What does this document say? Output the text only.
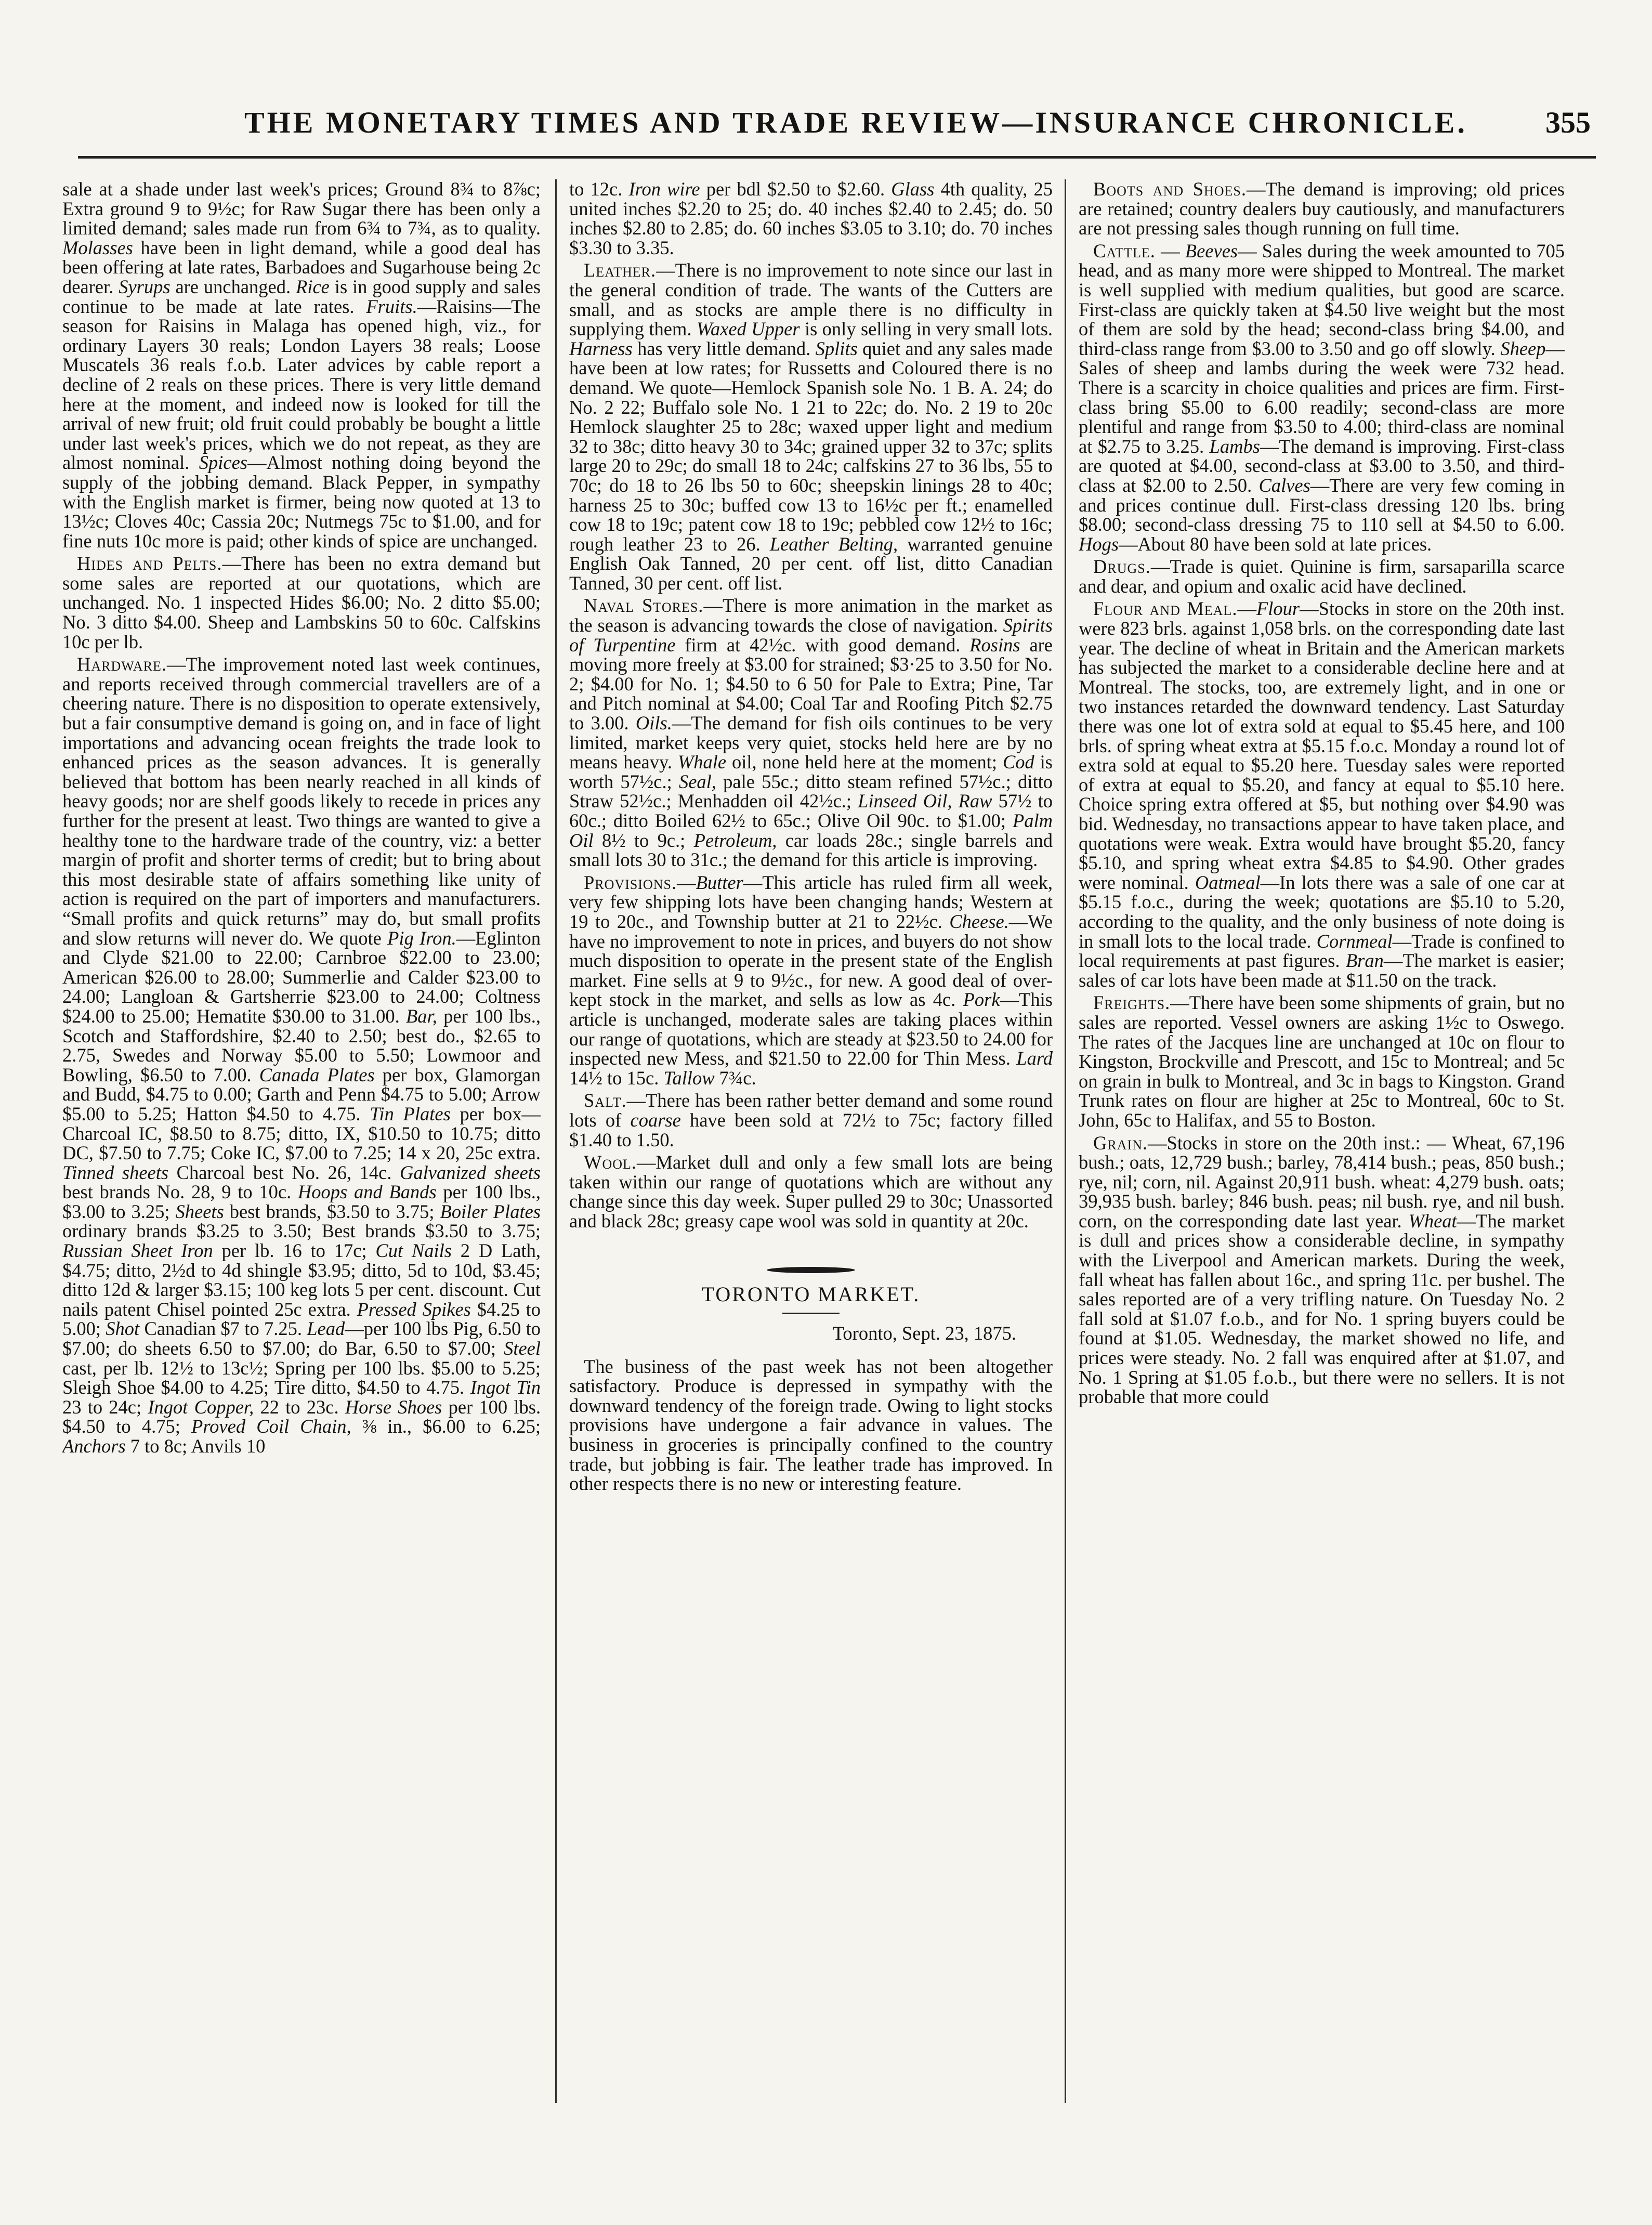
THE MONETARY TIMES AND TRADE REVIEW—INSURANCE CHRONICLE.	355

sale at a shade under last week's prices; Ground 8¾ to 8⅞c; Extra ground 9 to 9½c; for Raw Sugar there has been only a limited demand; sales made run from 6¾ to 7¾, as to quality. Molasses have been in light demand, while a good deal has been offering at late rates, Barbadoes and Sugarhouse being 2c dearer. Syrups are unchanged. Rice is in good supply and sales continue to be made at late rates. Fruits.—Raisins—The season for Raisins in Malaga has opened high, viz., for ordinary Layers 30 reals; London Layers 38 reals; Loose Muscatels 36 reals f.o.b. Later advices by cable report a decline of 2 reals on these prices. There is very little demand here at the moment, and indeed now is looked for till the arrival of new fruit; old fruit could probably be bought a little under last week's prices, which we do not repeat, as they are almost nominal. Spices—Almost nothing doing beyond the supply of the jobbing demand. Black Pepper, in sympathy with the English market is firmer, being now quoted at 13 to 13½c; Cloves 40c; Cassia 20c; Nutmegs 75c to $1.00, and for fine nuts 10c more is paid; other kinds of spice are unchanged.

Hides and Pelts.—There has been no extra demand but some sales are reported at our quotations, which are unchanged. No. 1 inspected Hides $6.00; No. 2 ditto $5.00; No. 3 ditto $4.00. Sheep and Lambskins 50 to 60c. Calfskins 10c per lb.

Hardware.—The improvement noted last week continues, and reports received through commercial travellers are of a cheering nature. There is no disposition to operate extensively, but a fair consumptive demand is going on, and in face of light importations and advancing ocean freights the trade look to enhanced prices as the season advances. It is generally believed that bottom has been nearly reached in all kinds of heavy goods; nor are shelf goods likely to recede in prices any further for the present at least. Two things are wanted to give a healthy tone to the hardware trade of the country, viz: a better margin of profit and shorter terms of credit; but to bring about this most desirable state of affairs something like unity of action is required on the part of importers and manufacturers. “Small profits and quick returns” may do, but small profits and slow returns will never do. We quote Pig Iron.—Eglinton and Clyde $21.00 to 22.00; Carnbroe $22.00 to 23.00; American $26.00 to 28.00; Summerlie and Calder $23.00 to 24.00; Langloan & Gartsherrie $23.00 to 24.00; Coltness $24.00 to 25.00; Hematite $30.00 to 31.00. Bar, per 100 lbs., Scotch and Staffordshire, $2.40 to 2.50; best do., $2.65 to 2.75, Swedes and Norway $5.00 to 5.50; Lowmoor and Bowling, $6.50 to 7.00. Canada Plates per box, Glamorgan and Budd, $4.75 to 0.00; Garth and Penn $4.75 to 5.00; Arrow $5.00 to 5.25; Hatton $4.50 to 4.75. Tin Plates per box—Charcoal IC, $8.50 to 8.75; ditto, IX, $10.50 to 10.75; ditto DC, $7.50 to 7.75; Coke IC, $7.00 to 7.25; 14 x 20, 25c extra. Tinned sheets Charcoal best No. 26, 14c. Galvanized sheets best brands No. 28, 9 to 10c. Hoops and Bands per 100 lbs., $3.00 to 3.25; Sheets best brands, $3.50 to 3.75; Boiler Plates ordinary brands $3.25 to 3.50; Best brands $3.50 to 3.75; Russian Sheet Iron per lb. 16 to 17c; Cut Nails 2 D Lath, $4.75; ditto, 2½d to 4d shingle $3.95; ditto, 5d to 10d, $3.45; ditto 12d & larger $3.15; 100 keg lots 5 per cent. discount. Cut nails patent Chisel pointed 25c extra. Pressed Spikes $4.25 to 5.00; Shot Canadian $7 to 7.25. Lead—per 100 lbs Pig, 6.50 to $7.00; do sheets 6.50 to $7.00; do Bar, 6.50 to $7.00; Steel cast, per lb. 12½ to 13c½; Spring per 100 lbs. $5.00 to 5.25; Sleigh Shoe $4.00 to 4.25; Tire ditto, $4.50 to 4.75. Ingot Tin 23 to 24c; Ingot Copper, 22 to 23c. Horse Shoes per 100 lbs. $4.50 to 4.75; Proved Coil Chain, ⅜ in., $6.00 to 6.25; Anchors 7 to 8c; Anvils 10

to 12c. Iron wire per bdl $2.50 to $2.60. Glass 4th quality, 25 united inches $2.20 to 25; do. 40 inches $2.40 to 2.45; do. 50 inches $2.80 to 2.85; do. 60 inches $3.05 to 3.10; do. 70 inches $3.30 to 3.35.

Leather.—There is no improvement to note since our last in the general condition of trade. The wants of the Cutters are small, and as stocks are ample there is no difficulty in supplying them. Waxed Upper is only selling in very small lots. Harness has very little demand. Splits quiet and any sales made have been at low rates; for Russetts and Coloured there is no demand. We quote—Hemlock Spanish sole No. 1 B. A. 24; do No. 2 22; Buffalo sole No. 1 21 to 22c; do. No. 2 19 to 20c Hemlock slaughter 25 to 28c; waxed upper light and medium 32 to 38c; ditto heavy 30 to 34c; grained upper 32 to 37c; splits large 20 to 29c; do small 18 to 24c; calfskins 27 to 36 lbs, 55 to 70c; do 18 to 26 lbs 50 to 60c; sheepskin linings 28 to 40c; harness 25 to 30c; buffed cow 13 to 16½c per ft.; enamelled cow 18 to 19c; patent cow 18 to 19c; pebbled cow 12½ to 16c; rough leather 23 to 26. Leather Belting, warranted genuine English Oak Tanned, 20 per cent. off list, ditto Canadian Tanned, 30 per cent. off list.

Naval Stores.—There is more animation in the market as the season is advancing towards the close of navigation. Spirits of Turpentine firm at 42½c. with good demand. Rosins are moving more freely at $3.00 for strained; $3·25 to 3.50 for No. 2; $4.00 for No. 1; $4.50 to 6 50 for Pale to Extra; Pine, Tar and Pitch nominal at $4.00; Coal Tar and Roofing Pitch $2.75 to 3.00. Oils.—The demand for fish oils continues to be very limited, market keeps very quiet, stocks held here are by no means heavy. Whale oil, none held here at the moment; Cod is worth 57½c.; Seal, pale 55c.; ditto steam refined 57½c.; ditto Straw 52½c.; Menhadden oil 42½c.; Linseed Oil, Raw 57½ to 60c.; ditto Boiled 62½ to 65c.; Olive Oil 90c. to $1.00; Palm Oil 8½ to 9c.; Petroleum, car loads 28c.; single barrels and small lots 30 to 31c.; the demand for this article is improving.

Provisions.—Butter—This article has ruled firm all week, very few shipping lots have been changing hands; Western at 19 to 20c., and Township butter at 21 to 22½c. Cheese.—We have no improvement to note in prices, and buyers do not show much disposition to operate in the present state of the English market. Fine sells at 9 to 9½c., for new. A good deal of over-kept stock in the market, and sells as low as 4c. Pork—This article is unchanged, moderate sales are taking places within our range of quotations, which are steady at $23.50 to 24.00 for inspected new Mess, and $21.50 to 22.00 for Thin Mess. Lard 14½ to 15c. Tallow 7¾c.

Salt.—There has been rather better demand and some round lots of coarse have been sold at 72½ to 75c; factory filled $1.40 to 1.50.

Wool.—Market dull and only a few small lots are being taken within our range of quotations which are without any change since this day week. Super pulled 29 to 30c; Unassorted and black 28c; greasy cape wool was sold in quantity at 20c.

TORONTO MARKET.
Toronto, Sept. 23, 1875.

The business of the past week has not been altogether satisfactory. Produce is depressed in sympathy with the downward tendency of the foreign trade. Owing to light stocks provisions have undergone a fair advance in values. The business in groceries is principally confined to the country trade, but jobbing is fair. The leather trade has improved. In other respects there is no new or interesting feature.

Boots and Shoes.—The demand is improving; old prices are retained; country dealers buy cautiously, and manufacturers are not pressing sales though running on full time.

Cattle. — Beeves— Sales during the week amounted to 705 head, and as many more were shipped to Montreal. The market is well supplied with medium qualities, but good are scarce. First-class are quickly taken at $4.50 live weight but the most of them are sold by the head; second-class bring $4.00, and third-class range from $3.00 to 3.50 and go off slowly. Sheep—Sales of sheep and lambs during the week were 732 head. There is a scarcity in choice qualities and prices are firm. First-class bring $5.00 to 6.00 readily; second-class are more plentiful and range from $3.50 to 4.00; third-class are nominal at $2.75 to 3.25. Lambs—The demand is improving. First-class are quoted at $4.00, second-class at $3.00 to 3.50, and third-class at $2.00 to 2.50. Calves—There are very few coming in and prices continue dull. First-class dressing 120 lbs. bring $8.00; second-class dressing 75 to 110 sell at $4.50 to 6.00. Hogs—About 80 have been sold at late prices.

Drugs.—Trade is quiet. Quinine is firm, sarsaparilla scarce and dear, and opium and oxalic acid have declined.

Flour and Meal.—Flour—Stocks in store on the 20th inst. were 823 brls. against 1,058 brls. on the corresponding date last year. The decline of wheat in Britain and the American markets has subjected the market to a considerable decline here and at Montreal. The stocks, too, are extremely light, and in one or two instances retarded the downward tendency. Last Saturday there was one lot of extra sold at equal to $5.45 here, and 100 brls. of spring wheat extra at $5.15 f.o.c. Monday a round lot of extra sold at equal to $5.20 here. Tuesday sales were reported of extra at equal to $5.20, and fancy at equal to $5.10 here. Choice spring extra offered at $5, but nothing over $4.90 was bid. Wednesday, no transactions appear to have taken place, and quotations were weak. Extra would have brought $5.20, fancy $5.10, and spring wheat extra $4.85 to $4.90. Other grades were nominal. Oatmeal—In lots there was a sale of one car at $5.15 f.o.c., during the week; quotations are $5.10 to 5.20, according to the quality, and the only business of note doing is in small lots to the local trade. Cornmeal—Trade is confined to local requirements at past figures. Bran—The market is easier; sales of car lots have been made at $11.50 on the track.

Freights.—There have been some shipments of grain, but no sales are reported. Vessel owners are asking 1½c to Oswego. The rates of the Jacques line are unchanged at 10c on flour to Kingston, Brockville and Prescott, and 15c to Montreal; and 5c on grain in bulk to Montreal, and 3c in bags to Kingston. Grand Trunk rates on flour are higher at 25c to Montreal, 60c to St. John, 65c to Halifax, and 55 to Boston.

Grain.—Stocks in store on the 20th inst.: — Wheat, 67,196 bush.; oats, 12,729 bush.; barley, 78,414 bush.; peas, 850 bush.; rye, nil; corn, nil. Against 20,911 bush. wheat: 4,279 bush. oats; 39,935 bush. barley; 846 bush. peas; nil bush. rye, and nil bush. corn, on the corresponding date last year. Wheat—The market is dull and prices show a considerable decline, in sympathy with the Liverpool and American markets. During the week, fall wheat has fallen about 16c., and spring 11c. per bushel. The sales reported are of a very trifling nature. On Tuesday No. 2 fall sold at $1.07 f.o.b., and for No. 1 spring buyers could be found at $1.05. Wednesday, the market showed no life, and prices were steady. No. 2 fall was enquired after at $1.07, and No. 1 Spring at $1.05 f.o.b., but there were no sellers. It is not probable that more could
